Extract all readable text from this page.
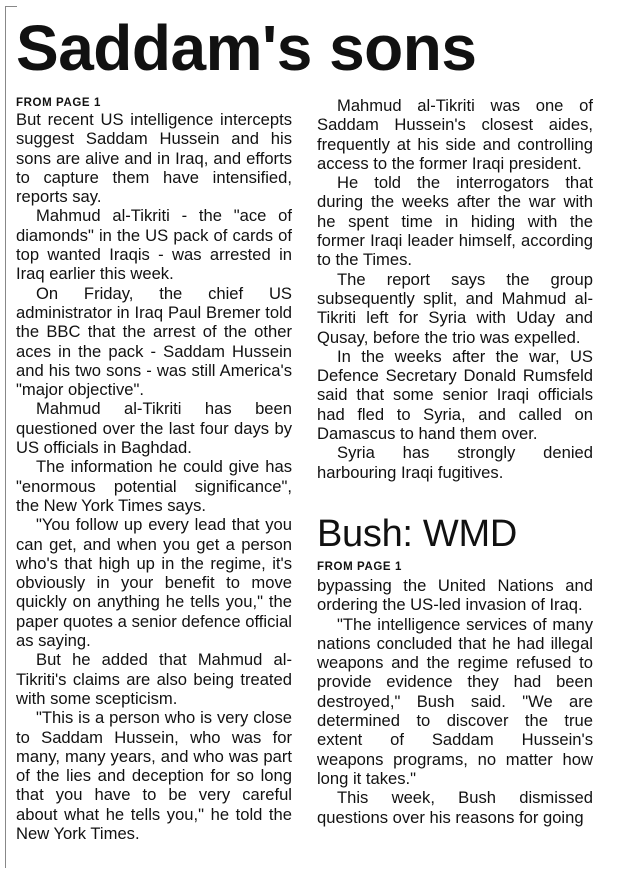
Saddam's sons
FROM PAGE 1

But recent US intelligence intercepts suggest Saddam Hussein and his sons are alive and in Iraq, and efforts to capture them have intensified, reports say.

Mahmud al-Tikriti - the "ace of diamonds" in the US pack of cards of top wanted Iraqis - was arrested in Iraq earlier this week.

On Friday, the chief US administrator in Iraq Paul Bremer told the BBC that the arrest of the other aces in the pack - Saddam Hussein and his two sons - was still America's "major objective".

Mahmud al-Tikriti has been questioned over the last four days by US officials in Baghdad.

The information he could give has "enormous potential significance", the New York Times says.

"You follow up every lead that you can get, and when you get a person who's that high up in the regime, it's obviously in your benefit to move quickly on anything he tells you," the paper quotes a senior defence official as saying.

But he added that Mahmud al-Tikriti's claims are also being treated with some scepticism.

"This is a person who is very close to Saddam Hussein, who was for many, many years, and who was part of the lies and deception for so long that you have to be very careful about what he tells you," he told the New York Times.

Mahmud al-Tikriti was one of Saddam Hussein's closest aides, frequently at his side and controlling access to the former Iraqi president.

He told the interrogators that during the weeks after the war with he spent time in hiding with the former Iraqi leader himself, according to the Times.

The report says the group subsequently split, and Mahmud al-Tikriti left for Syria with Uday and Qusay, before the trio was expelled.

In the weeks after the war, US Defence Secretary Donald Rumsfeld said that some senior Iraqi officials had fled to Syria, and called on Damascus to hand them over.

Syria has strongly denied harbouring Iraqi fugitives.

Bush: WMD
FROM PAGE 1

bypassing the United Nations and ordering the US-led invasion of Iraq.

"The intelligence services of many nations concluded that he had illegal weapons and the regime refused to provide evidence they had been destroyed," Bush said. "We are determined to discover the true extent of Saddam Hussein's weapons programs, no matter how long it takes."

This week, Bush dismissed questions over his reasons for going
